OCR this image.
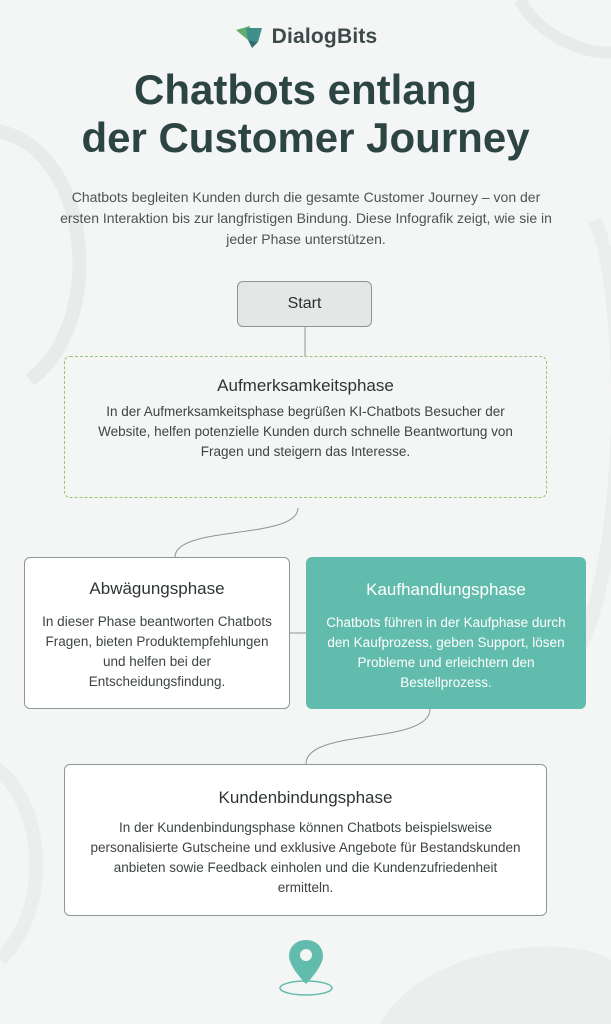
DialogBits
Chatbots entlang
der Customer Journey

Chatbots begleiten Kunden durch die gesamte Customer Journey – von der ersten Interaktion bis zur langfristigen Bindung. Diese Infografik zeigt, wie sie in jeder Phase unterstützen.

Start
Aufmerksamkeitsphase

In der Aufmerksamkeitsphase begrüßen KI-Chatbots Besucher der Website, helfen potenzielle Kunden durch schnelle Beantwortung von Fragen und steigern das Interesse.

Abwägungsphase

In dieser Phase beantworten Chatbots Fragen, bieten Produktempfehlungen und helfen bei der Entscheidungsfindung.

Kaufhandlungsphase

Chatbots führen in der Kaufphase durch den Kaufprozess, geben Support, lösen Probleme und erleichtern den Bestellprozess.

Kundenbindungsphase

In der Kundenbindungsphase können Chatbots beispielsweise personalisierte Gutscheine und exklusive Angebote für Bestandskunden anbieten sowie Feedback einholen und die Kundenzufriedenheit ermitteln.
